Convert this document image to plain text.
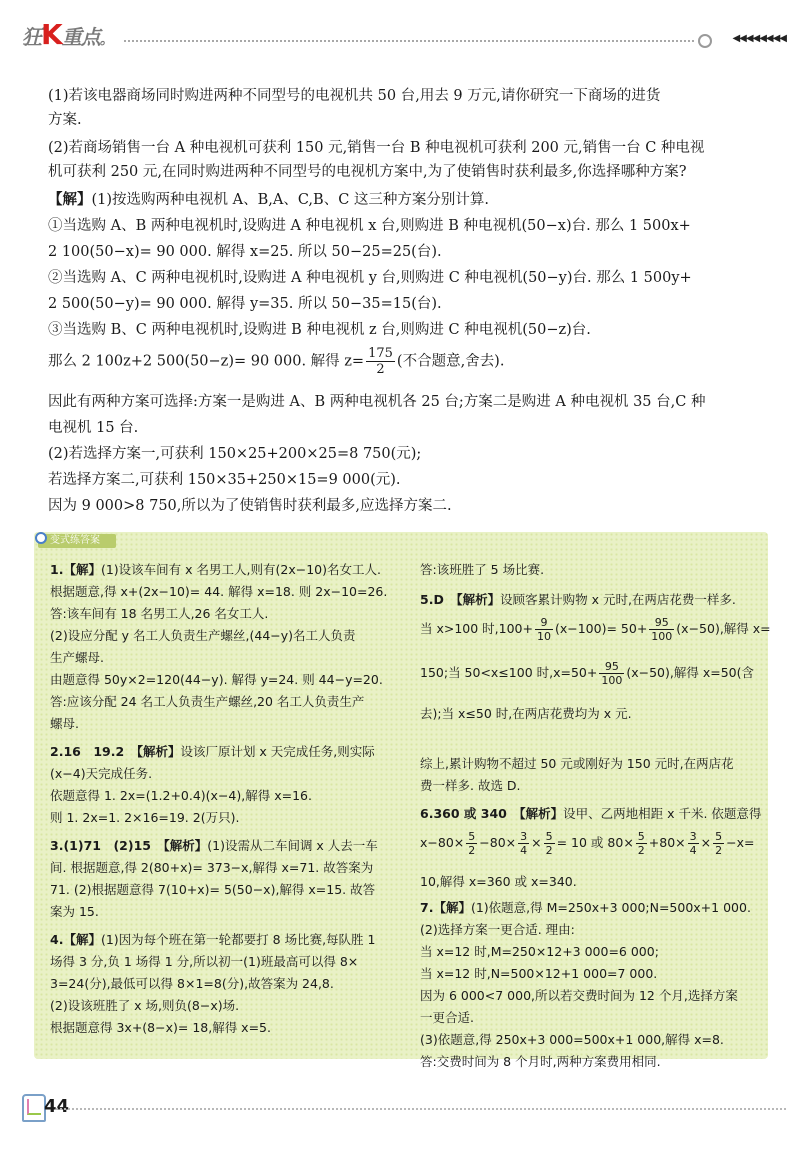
狂K重点。	◀◀◀◀◀◀◀◀
那么 2 100z+2 500(50−z)= 90 000. 解得 $z= \frac{175}{2}$ (不合题意,舍去).
(1)若该电器商场同时购进两种不同型号的电视机共 50 台,用去 9 万元,请你研究一下商场的进货
方案.
(2)若商场销售一台 A 种电视机可获利 150 元,销售一台 B 种电视机可获利 200 元,销售一台 C 种电视
机可获利 250 元,在同时购进两种不同型号的电视机方案中,为了使销售时获利最多,你选择哪种方案?
【解】(1)按选购两种电视机 A、B,A、C,B、C 这三种方案分别计算.
①当选购 A、B 两种电视机时,设购进 A 种电视机 x 台,则购进 B 种电视机(50−x)台. 那么 1 500x+
2 100(50−x)= 90 000. 解得 x=25. 所以 50−25=25(台).
②当选购 A、C 两种电视机时,设购进 A 种电视机 y 台,则购进 C 种电视机(50−y)台. 那么 1 500y+
2 500(50−y)= 90 000. 解得 y=35. 所以 50−35=15(台).
③当选购 B、C 两种电视机时,设购进 B 种电视机 z 台,则购进 C 种电视机(50−z)台.
因此有两种方案可选择:方案一是购进 A、B 两种电视机各 25 台;方案二是购进 A 种电视机 35 台,C 种
电视机 15 台.
(2)若选择方案一,可获利 150×25+200×25=8 750(元);
若选择方案二,可获利 150×35+250×15=9 000(元).
因为 9 000>8 750,所以为了使销售时获利最多,应选择方案二.
变式练答案
1.【解】(1)设该车间有 x 名男工人,则有(2x−10)名女工人.
根据题意,得 x+(2x−10)= 44. 解得 x=18. 则 2x−10=26.
答:该车间有 18 名男工人,26 名女工人.
(2)设应分配 y 名工人负责生产螺丝,(44−y)名工人负责
生产螺母.
由题意得 50y×2=120(44−y). 解得 y=24. 则 44−y=20.
答:应该分配 24 名工人负责生产螺丝,20 名工人负责生产
螺母.
2.16　19.2　【解析】设该厂原计划 x 天完成任务,则实际
(x−4)天完成任务.
依题意得 1. 2x=(1.2+0.4)(x−4),解得 x=16.
则 1. 2x=1. 2×16=19. 2(万只).
3.(1)71　(2)15　【解析】(1)设需从二车间调 x 人去一车
间. 根据题意,得 2(80+x)= 373−x,解得 x=71. 故答案为
71. (2)根据题意得 7(10+x)= 5(50−x),解得 x=15. 故答
案为 15.
4.【解】(1)因为每个班在第一轮都要打 8 场比赛,每队胜 1
场得 3 分,负 1 场得 1 分,所以初一(1)班最高可以得 8×
3=24(分),最低可以得 8×1=8(分),故答案为 24,8.
(2)设该班胜了 x 场,则负(8−x)场.
根据题意得 3x+(8−x)= 18,解得 x=5.
当 x>100 时$,100+ \frac{9}{10} (x-100)= 50+ \frac{95}{100} (x-50)$,解得 x=
150;当 50<x≤100 时$,x=50+ \frac{95}{100} (x-50)$,解得 x=50(含
去);当 x≤50 时,在两店花费均为 x 元.
$x-80\times \frac{5}{2} -80\times \frac{3}{4} \times \frac{5}{2} = 10$ 或 $80\times \frac{5}{2} +80\times \frac{3}{4} \times \frac{5}{2} -x=$
答:该班胜了 5 场比赛.
5.D　【解析】设顾客累计购物 x 元时,在两店花费一样多.
综上,累计购物不超过 50 元或刚好为 150 元时,在两店花
费一样多. 故选 D.
6.360 或 340　【解析】设甲、乙两地相距 x 千米. 依题意得
10,解得 x=360 或 x=340.
7.【解】(1)依题意,得 M=250x+3 000;N=500x+1 000.
(2)选择方案一更合适. 理由:
当 x=12 时,M=250×12+3 000=6 000;
当 x=12 时,N=500×12+1 000=7 000.
因为 6 000<7 000,所以若交费时间为 12 个月,选择方案
一更合适.
(3)依题意,得 250x+3 000=500x+1 000,解得 x=8.
答:交费时间为 8 个月时,两种方案费用相同.
44
